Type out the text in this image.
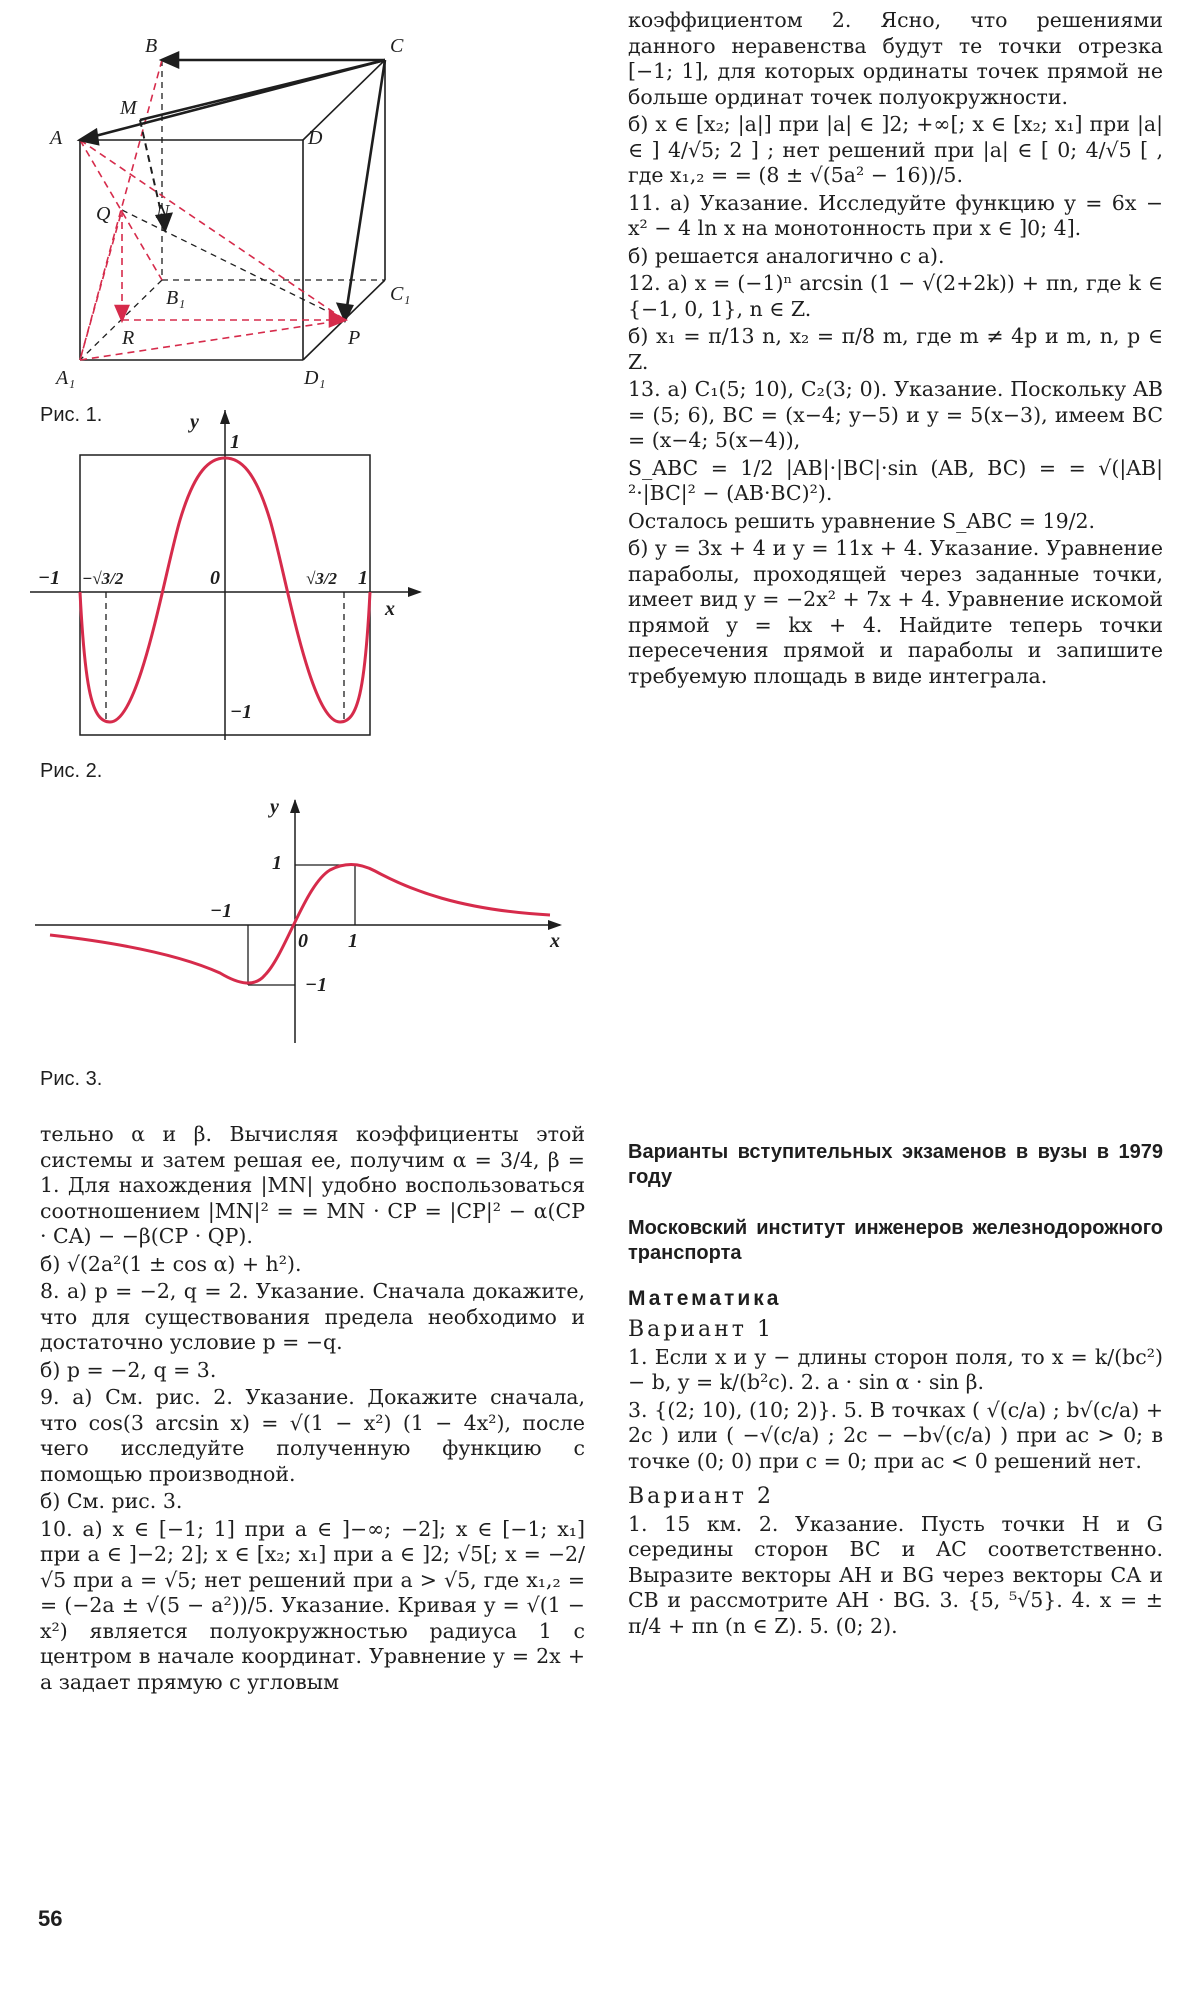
B	C
A
M
D
Q N
B₁	C₁
R	P
A₁	D₁
Рис. 1.	y
1
−1 −√3/2	0	√3/2 1
x
−1
Рис. 2.
y
1
−1
0 1	x
−1
Рис. 3.

коэффициентом 2. Ясно, что решениями данного неравенства будут те точки отрезка [−1; 1], для которых ординаты точек прямой не больше ординат точек полуокружности.

б) x ∈ [x₂; |a|] при |a| ∈ ]2; +∞[; x ∈ [x₂; x₁] при |a| ∈ ] 4/√5; 2 ] ; нет решений при |a| ∈ [ 0; 4/√5 [ , где x₁,₂ = = (8 ± √(5a² − 16))/5.

11. а) Указание. Исследуйте функцию y = 6x − x² − 4 ln x на монотонность при x ∈ ]0; 4].

б) решается аналогично с а).

12. а) x = (−1)ⁿ arcsin (1 − √(2+2k)) + πn, где k ∈ {−1, 0, 1}, n ∈ Z.

б) x₁ = π/13 n, x₂ = π/8 m, где m ≠ 4p и m, n, p ∈ Z.

13. а) C₁(5; 10), C₂(3; 0). Указание. Поскольку AB = (5; 6), BC = (x−4; y−5) и y = 5(x−3), имеем BC = (x−4; 5(x−4)),

S_ABC = 1/2 |AB|·|BC|·sin (AB, BC) = = √(|AB|²·|BC|² − (AB·BC)²).

Осталось решить уравнение S_ABC = 19/2.

б) y = 3x + 4 и y = 11x + 4. Указание. Уравнение параболы, проходящей через заданные точки, имеет вид y = −2x² + 7x + 4. Уравнение искомой прямой y = kx + 4. Найдите теперь точки пересечения прямой и параболы и запишите требуемую площадь в виде интеграла.

тельно α и β. Вычисляя коэффициенты этой системы и затем решая ее, получим α = 3/4, β = 1. Для нахождения |MN| удобно воспользоваться соотношением |MN|² = = MN · CP = |CP|² − α(CP · CA) − −β(CP · QP).

б) √(2a²(1 ± cos α) + h²).

8. а) p = −2, q = 2. Указание. Сначала докажите, что для существования предела необходимо и достаточно условие p = −q.

б) p = −2, q = 3.

9. а) См. рис. 2. Указание. Докажите сначала, что cos(3 arcsin x) = √(1 − x²) (1 − 4x²), после чего исследуйте полученную функцию с помощью производной.

б) См. рис. 3.

10. а) x ∈ [−1; 1] при a ∈ ]−∞; −2]; x ∈ [−1; x₁] при a ∈ ]−2; 2]; x ∈ [x₂; x₁] при a ∈ ]2; √5[; x = −2/√5 при a = √5; нет решений при a > √5, где x₁,₂ = = (−2a ± √(5 − a²))/5. Указание. Кривая y = √(1 − x²) является полуокружностью радиуса 1 с центром в начале координат. Уравнение y = 2x + a задает прямую с угловым

Варианты вступительных экзаменов в вузы в 1979 году

Московский институт инженеров железнодорожного транспорта

Математика

Вариант 1

1. Если x и y − длины сторон поля, то x = k/(bc²) − b, y = k/(b²c). 2. a · sin α · sin β.

3. {(2; 10), (10; 2)}. 5. В точках ( √(c/a) ; b√(c/a) + 2c ) или ( −√(c/a) ; 2c − −b√(c/a) ) при ac > 0; в точке (0; 0) при c = 0; при ac < 0 решений нет.

Вариант 2

1. 15 км. 2. Указание. Пусть точки H и G середины сторон BC и AC соответственно. Выразите векторы AH и BG через векторы CA и CB и рассмотрите AH · BG. 3. {5, ⁵√5}. 4. x = ± π/4 + πn (n ∈ Z). 5. (0; 2).

56
